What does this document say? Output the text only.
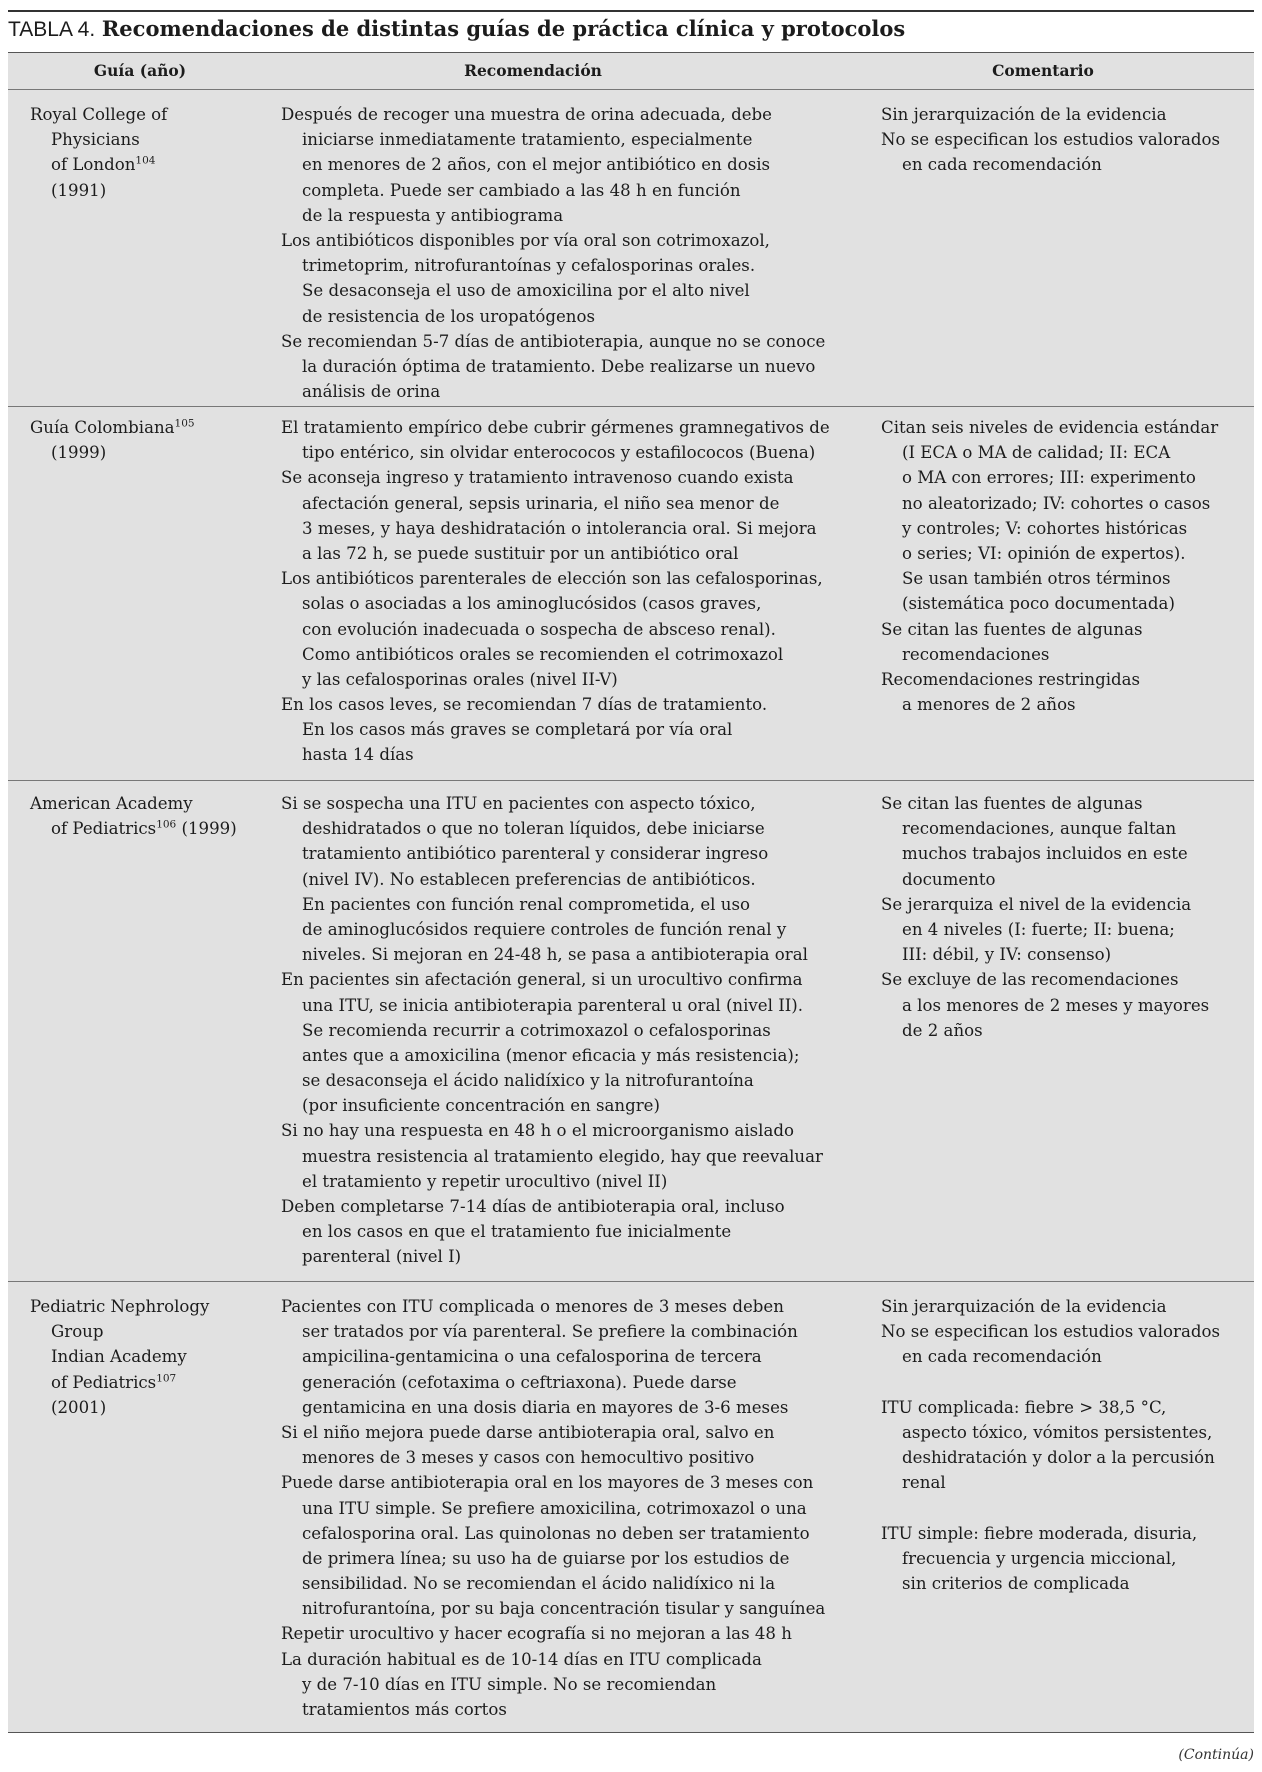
TABLA 4. Recomendaciones de distintas guías de práctica clínica y protocolos
Guía (año)	Recomendación	Comentario
Royal College of
Physicians
of London$^{104}$
(1991)
Después de recoger una muestra de orina adecuada, debe
iniciarse inmediatamente tratamiento, especialmente
en menores de 2 años, con el mejor antibiótico en dosis
completa. Puede ser cambiado a las 48 h en función
de la respuesta y antibiograma
Los antibióticos disponibles por vía oral son cotrimoxazol,
trimetoprim, nitrofurantoínas y cefalosporinas orales.
Se desaconseja el uso de amoxicilina por el alto nivel
de resistencia de los uropatógenos
Se recomiendan 5-7 días de antibioterapia, aunque no se conoce
la duración óptima de tratamiento. Debe realizarse un nuevo
análisis de orina
Sin jerarquización de la evidencia
No se especifican los estudios valorados
en cada recomendación
Guía Colombiana$^{105}$
(1999)
El tratamiento empírico debe cubrir gérmenes gramnegativos de
tipo entérico, sin olvidar enterococos y estafilococos (Buena)
Se aconseja ingreso y tratamiento intravenoso cuando exista
afectación general, sepsis urinaria, el niño sea menor de
3 meses, y haya deshidratación o intolerancia oral. Si mejora
a las 72 h, se puede sustituir por un antibiótico oral
Los antibióticos parenterales de elección son las cefalosporinas,
solas o asociadas a los aminoglucósidos (casos graves,
con evolución inadecuada o sospecha de absceso renal).
Como antibióticos orales se recomienden el cotrimoxazol
y las cefalosporinas orales (nivel II-V)
En los casos leves, se recomiendan 7 días de tratamiento.
En los casos más graves se completará por vía oral
hasta 14 días
Citan seis niveles de evidencia estándar
(I ECA o MA de calidad; II: ECA
o MA con errores; III: experimento
no aleatorizado; IV: cohortes o casos
y controles; V: cohortes históricas
o series; VI: opinión de expertos).
Se usan también otros términos
(sistemática poco documentada)
Se citan las fuentes de algunas
recomendaciones
Recomendaciones restringidas
a menores de 2 años
American Academy
of Pediatrics$^{106}$ (1999)
Si se sospecha una ITU en pacientes con aspecto tóxico,
deshidratados o que no toleran líquidos, debe iniciarse
tratamiento antibiótico parenteral y considerar ingreso
(nivel IV). No establecen preferencias de antibióticos.
En pacientes con función renal comprometida, el uso
de aminoglucósidos requiere controles de función renal y
niveles. Si mejoran en 24-48 h, se pasa a antibioterapia oral
En pacientes sin afectación general, si un urocultivo confirma
una ITU, se inicia antibioterapia parenteral u oral (nivel II).
Se recomienda recurrir a cotrimoxazol o cefalosporinas
antes que a amoxicilina (menor eficacia y más resistencia);
se desaconseja el ácido nalidíxico y la nitrofurantoína
(por insuficiente concentración en sangre)
Si no hay una respuesta en 48 h o el microorganismo aislado
muestra resistencia al tratamiento elegido, hay que reevaluar
el tratamiento y repetir urocultivo (nivel II)
Deben completarse 7-14 días de antibioterapia oral, incluso
en los casos en que el tratamiento fue inicialmente
parenteral (nivel I)
Se citan las fuentes de algunas
recomendaciones, aunque faltan
muchos trabajos incluidos en este
documento
Se jerarquiza el nivel de la evidencia
en 4 niveles (I: fuerte; II: buena;
III: débil, y IV: consenso)
Se excluye de las recomendaciones
a los menores de 2 meses y mayores
de 2 años
Pediatric Nephrology
Group
Indian Academy
of Pediatrics$^{107}$
(2001)
Pacientes con ITU complicada o menores de 3 meses deben
ser tratados por vía parenteral. Se prefiere la combinación
ampicilina-gentamicina o una cefalosporina de tercera
generación (cefotaxima o ceftriaxona). Puede darse
gentamicina en una dosis diaria en mayores de 3-6 meses
Si el niño mejora puede darse antibioterapia oral, salvo en
menores de 3 meses y casos con hemocultivo positivo
Puede darse antibioterapia oral en los mayores de 3 meses con
una ITU simple. Se prefiere amoxicilina, cotrimoxazol o una
cefalosporina oral. Las quinolonas no deben ser tratamiento
de primera línea; su uso ha de guiarse por los estudios de
sensibilidad. No se recomiendan el ácido nalidíxico ni la
nitrofurantoína, por su baja concentración tisular y sanguínea
Repetir urocultivo y hacer ecografía si no mejoran a las 48 h
La duración habitual es de 10-14 días en ITU complicada
y de 7-10 días en ITU simple. No se recomiendan
tratamientos más cortos
Sin jerarquización de la evidencia
No se especifican los estudios valorados
en cada recomendación
ITU complicada: fiebre > 38,5 °C,
aspecto tóxico, vómitos persistentes,
deshidratación y dolor a la percusión
renal
ITU simple: fiebre moderada, disuria,
frecuencia y urgencia miccional,
sin criterios de complicada
(Continúa)
